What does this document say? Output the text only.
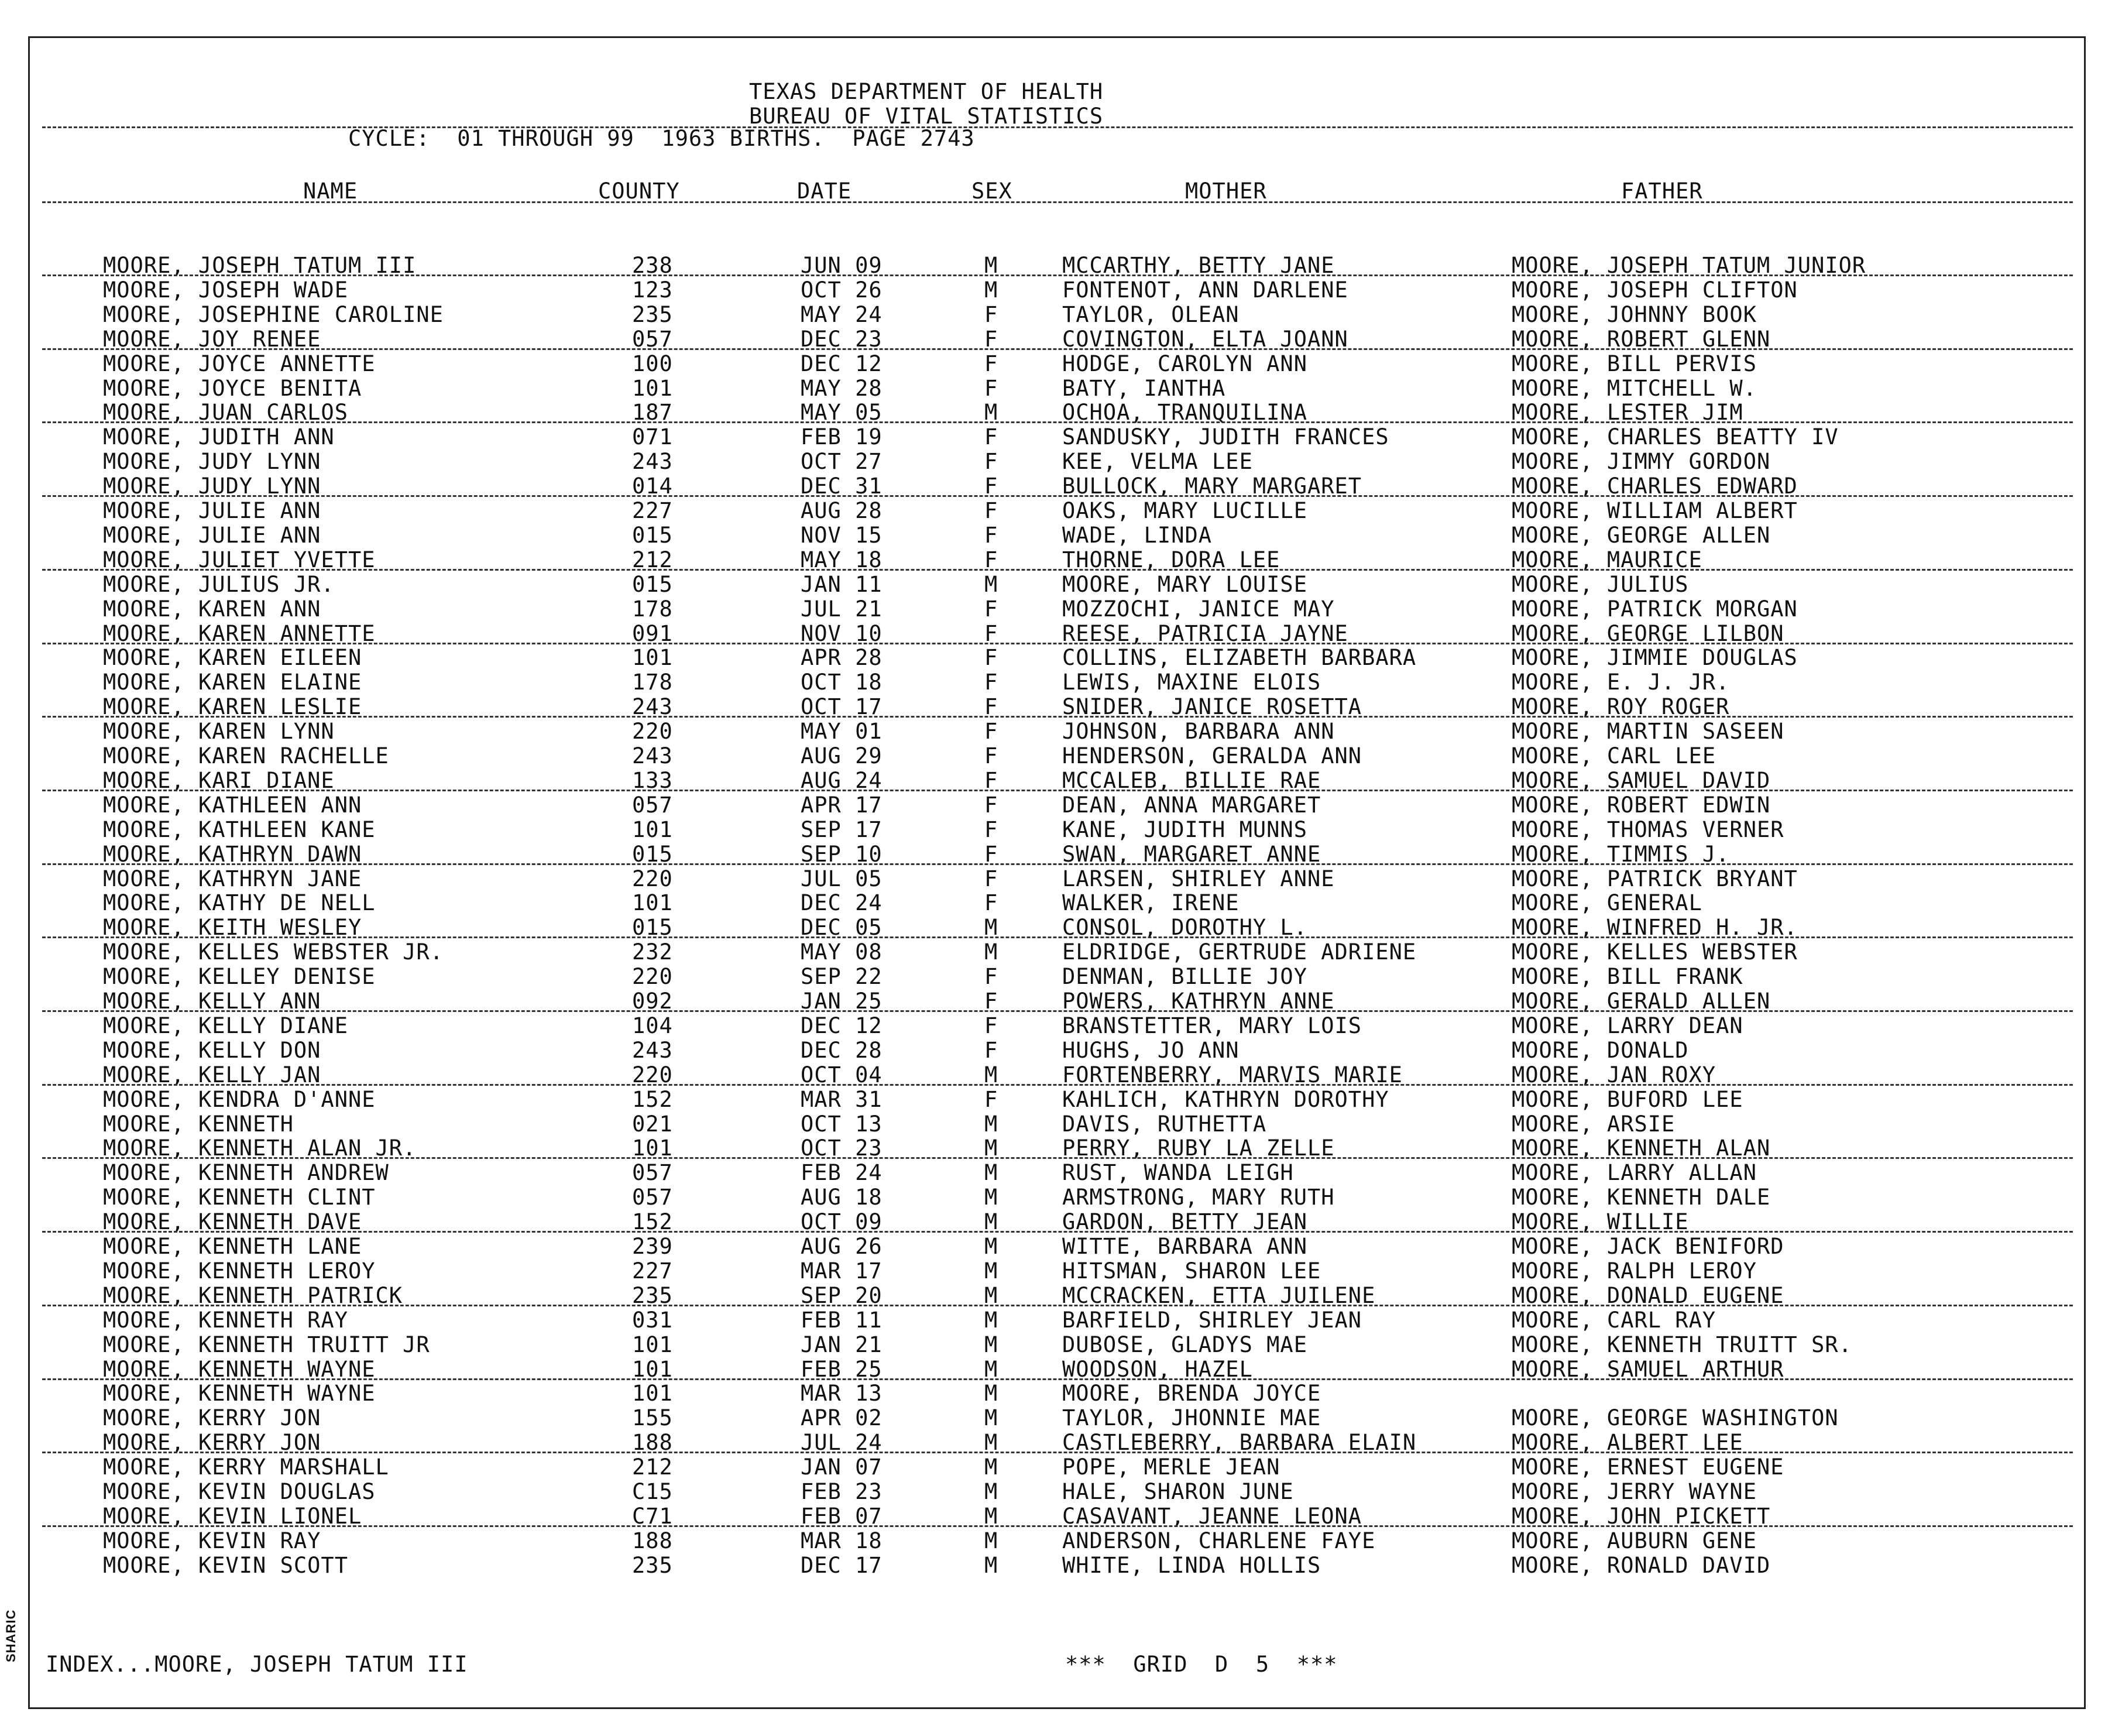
TEXAS DEPARTMENT OF HEALTH
BUREAU OF VITAL STATISTICS
CYCLE:  01 THROUGH 99  1963 BIRTHS.  PAGE 2743
NAME	COUNTY	DATE	SEX	MOTHER	FATHER
MOORE, JOSEPH TATUM III	238	JUN 09	M	MCCARTHY, BETTY JANE	MOORE, JOSEPH TATUM JUNIOR
MOORE, JOSEPH WADE	123	OCT 26	M	FONTENOT, ANN DARLENE	MOORE, JOSEPH CLIFTON
MOORE, JOSEPHINE CAROLINE	235	MAY 24	F	TAYLOR, OLEAN	MOORE, JOHNNY BOOK
MOORE, JOY RENEE	057	DEC 23	F	COVINGTON, ELTA JOANN	MOORE, ROBERT GLENN
MOORE, JOYCE ANNETTE	100	DEC 12	F	HODGE, CAROLYN ANN	MOORE, BILL PERVIS
MOORE, JOYCE BENITA	101	MAY 28	F	BATY, IANTHA	MOORE, MITCHELL W.
MOORE, JUAN CARLOS	187	MAY 05	M	OCHOA, TRANQUILINA	MOORE, LESTER JIM
MOORE, JUDITH ANN	071	FEB 19	F	SANDUSKY, JUDITH FRANCES	MOORE, CHARLES BEATTY IV
MOORE, JUDY LYNN	243	OCT 27	F	KEE, VELMA LEE	MOORE, JIMMY GORDON
MOORE, JUDY LYNN	014	DEC 31	F	BULLOCK, MARY MARGARET	MOORE, CHARLES EDWARD
MOORE, JULIE ANN	227	AUG 28	F	OAKS, MARY LUCILLE	MOORE, WILLIAM ALBERT
MOORE, JULIE ANN	015	NOV 15	F	WADE, LINDA	MOORE, GEORGE ALLEN
MOORE, JULIET YVETTE	212	MAY 18	F	THORNE, DORA LEE	MOORE, MAURICE
MOORE, JULIUS JR.	015	JAN 11	M	MOORE, MARY LOUISE	MOORE, JULIUS
MOORE, KAREN ANN	178	JUL 21	F	MOZZOCHI, JANICE MAY	MOORE, PATRICK MORGAN
MOORE, KAREN ANNETTE	091	NOV 10	F	REESE, PATRICIA JAYNE	MOORE, GEORGE LILBON
MOORE, KAREN EILEEN	101	APR 28	F	COLLINS, ELIZABETH BARBARA	MOORE, JIMMIE DOUGLAS
MOORE, KAREN ELAINE	178	OCT 18	F	LEWIS, MAXINE ELOIS	MOORE, E. J. JR.
MOORE, KAREN LESLIE	243	OCT 17	F	SNIDER, JANICE ROSETTA	MOORE, ROY ROGER
MOORE, KAREN LYNN	220	MAY 01	F	JOHNSON, BARBARA ANN	MOORE, MARTIN SASEEN
MOORE, KAREN RACHELLE	243	AUG 29	F	HENDERSON, GERALDA ANN	MOORE, CARL LEE
MOORE, KARI DIANE	133	AUG 24	F	MCCALEB, BILLIE RAE	MOORE, SAMUEL DAVID
MOORE, KATHLEEN ANN	057	APR 17	F	DEAN, ANNA MARGARET	MOORE, ROBERT EDWIN
MOORE, KATHLEEN KANE	101	SEP 17	F	KANE, JUDITH MUNNS	MOORE, THOMAS VERNER
MOORE, KATHRYN DAWN	015	SEP 10	F	SWAN, MARGARET ANNE	MOORE, TIMMIS J.
MOORE, KATHRYN JANE	220	JUL 05	F	LARSEN, SHIRLEY ANNE	MOORE, PATRICK BRYANT
MOORE, KATHY DE NELL	101	DEC 24	F	WALKER, IRENE	MOORE, GENERAL
MOORE, KEITH WESLEY	015	DEC 05	M	CONSOL, DOROTHY L.	MOORE, WINFRED H. JR.
MOORE, KELLES WEBSTER JR.	232	MAY 08	M	ELDRIDGE, GERTRUDE ADRIENE	MOORE, KELLES WEBSTER
MOORE, KELLEY DENISE	220	SEP 22	F	DENMAN, BILLIE JOY	MOORE, BILL FRANK
MOORE, KELLY ANN	092	JAN 25	F	POWERS, KATHRYN ANNE	MOORE, GERALD ALLEN
MOORE, KELLY DIANE	104	DEC 12	F	BRANSTETTER, MARY LOIS	MOORE, LARRY DEAN
MOORE, KELLY DON	243	DEC 28	F	HUGHS, JO ANN	MOORE, DONALD
MOORE, KELLY JAN	220	OCT 04	M	FORTENBERRY, MARVIS MARIE	MOORE, JAN ROXY
MOORE, KENDRA D'ANNE	152	MAR 31	F	KAHLICH, KATHRYN DOROTHY	MOORE, BUFORD LEE
MOORE, KENNETH	021	OCT 13	M	DAVIS, RUTHETTA	MOORE, ARSIE
MOORE, KENNETH ALAN JR.	101	OCT 23	M	PERRY, RUBY LA ZELLE	MOORE, KENNETH ALAN
MOORE, KENNETH ANDREW	057	FEB 24	M	RUST, WANDA LEIGH	MOORE, LARRY ALLAN
MOORE, KENNETH CLINT	057	AUG 18	M	ARMSTRONG, MARY RUTH	MOORE, KENNETH DALE
MOORE, KENNETH DAVE	152	OCT 09	M	GARDON, BETTY JEAN	MOORE, WILLIE
MOORE, KENNETH LANE	239	AUG 26	M	WITTE, BARBARA ANN	MOORE, JACK BENIFORD
MOORE, KENNETH LEROY	227	MAR 17	M	HITSMAN, SHARON LEE	MOORE, RALPH LEROY
MOORE, KENNETH PATRICK	235	SEP 20	M	MCCRACKEN, ETTA JUILENE	MOORE, DONALD EUGENE
MOORE, KENNETH RAY	031	FEB 11	M	BARFIELD, SHIRLEY JEAN	MOORE, CARL RAY
MOORE, KENNETH TRUITT JR	101	JAN 21	M	DUBOSE, GLADYS MAE	MOORE, KENNETH TRUITT SR.
MOORE, KENNETH WAYNE	101	FEB 25	M	WOODSON, HAZEL	MOORE, SAMUEL ARTHUR
MOORE, KENNETH WAYNE	101	MAR 13	M	MOORE, BRENDA JOYCE
MOORE, KERRY JON	155	APR 02	M	TAYLOR, JHONNIE MAE	MOORE, GEORGE WASHINGTON
MOORE, KERRY JON	188	JUL 24	M	CASTLEBERRY, BARBARA ELAIN	MOORE, ALBERT LEE
MOORE, KERRY MARSHALL	212	JAN 07	M	POPE, MERLE JEAN	MOORE, ERNEST EUGENE
MOORE, KEVIN DOUGLAS	C15	FEB 23	M	HALE, SHARON JUNE	MOORE, JERRY WAYNE
MOORE, KEVIN LIONEL	C71	FEB 07	M	CASAVANT, JEANNE LEONA	MOORE, JOHN PICKETT
MOORE, KEVIN RAY	188	MAR 18	M	ANDERSON, CHARLENE FAYE	MOORE, AUBURN GENE
MOORE, KEVIN SCOTT	235	DEC 17	M	WHITE, LINDA HOLLIS	MOORE, RONALD DAVID
INDEX...MOORE, JOSEPH TATUM III	***  GRID  D  5  ***
SHARIC
